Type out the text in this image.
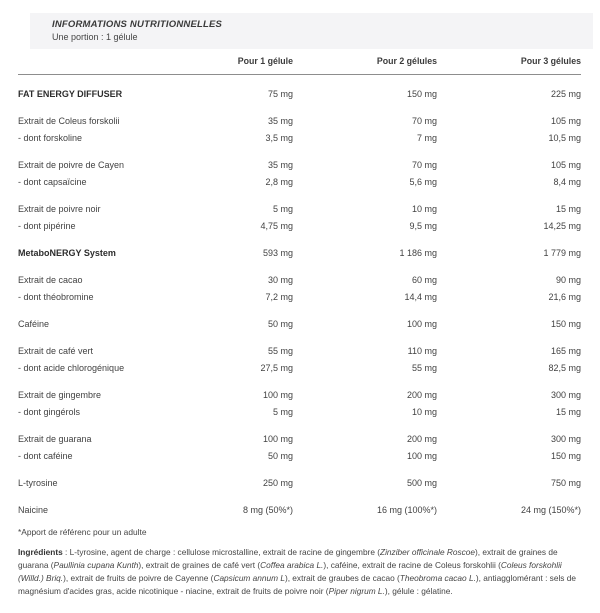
INFORMATIONS NUTRITIONNELLES
Une portion : 1 gélule
Pour 1 gélule	Pour 2 gélules	Pour 3 gélules
FAT ENERGY DIFFUSER	75 mg	150 mg	225 mg
Extrait de Coleus forskolii	35 mg	70 mg	105 mg
- dont forskoline	3,5 mg	7 mg	10,5 mg
Extrait de poivre de Cayen	35 mg	70 mg	105 mg
- dont capsaïcine	2,8 mg	5,6 mg	8,4 mg
Extrait de poivre noir	5 mg	10 mg	15 mg
- dont pipérine	4,75 mg	9,5 mg	14,25 mg
MetaboNERGY System	593 mg	1 186 mg	1 779 mg
Extrait de cacao	30 mg	60 mg	90 mg
- dont théobromine	7,2 mg	14,4 mg	21,6 mg
Caféine	50 mg	100 mg	150 mg
Extrait de café vert	55 mg	110 mg	165 mg
- dont acide chlorogénique	27,5 mg	55 mg	82,5 mg
Extrait de gingembre	100 mg	200 mg	300 mg
- dont gingérols	5 mg	10 mg	15 mg
Extrait de guarana	100 mg	200 mg	300 mg
- dont caféine	50 mg	100 mg	150 mg
L-tyrosine	250 mg	500 mg	750 mg
Naicine	8 mg (50%*)	16 mg (100%*)	24 mg (150%*)
*Apport de référenc pour un adulte

Ingrédients : L-tyrosine, agent de charge : cellulose microstalline, extrait de racine de gingembre (Zinziber officinale Roscoe), extrait de graines de guarana (Paullinia cupana Kunth), extrait de graines de café vert (Coffea arabica L.), caféine, extrait de racine de Coleus forskohlii (Coleus forskohlii (Willd.) Briq.), extrait de fruits de poivre de Cayenne (Capsicum annum L), extrait de graubes de cacao (Theobroma cacao L.), antiagglomérant : sels de magnésium d'acides gras, acide nicotinique - niacine, extrait de fruits de poivre noir (Piper nigrum L.), gélule : gélatine.
